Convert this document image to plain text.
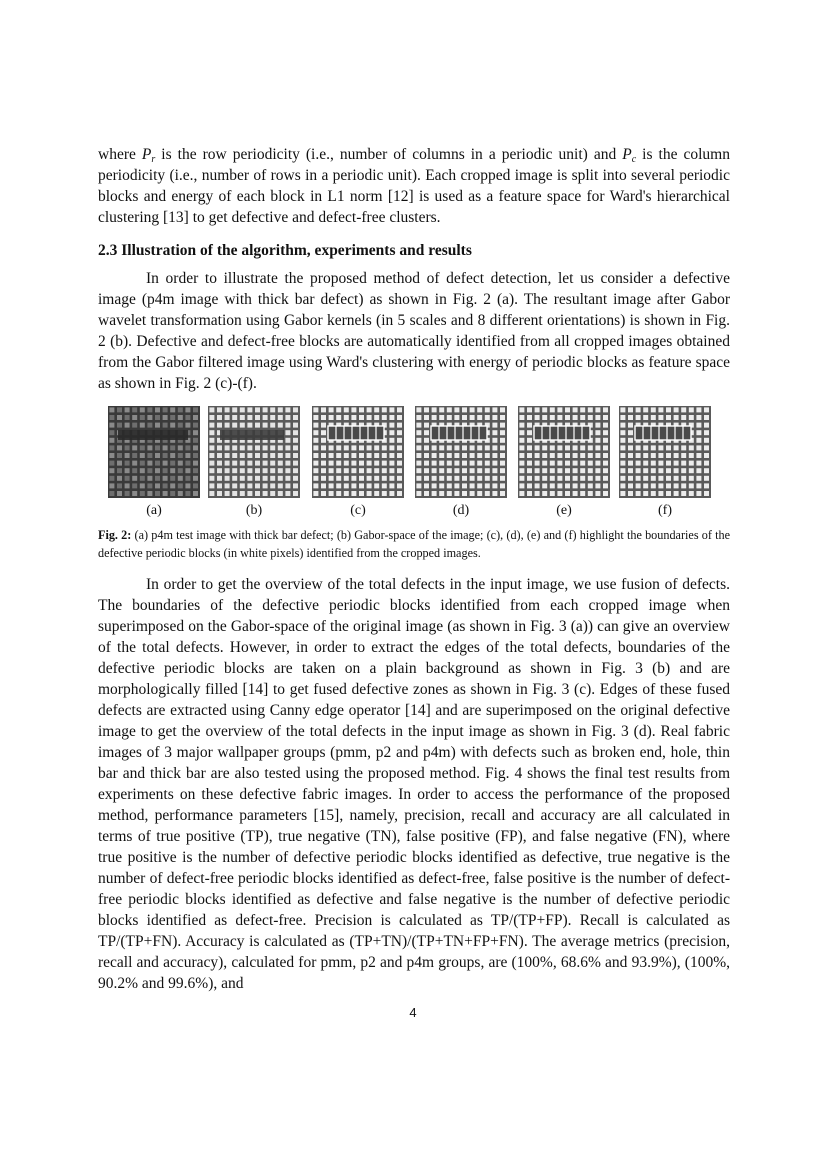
where $P_r$ is the row periodicity (i.e., number of columns in a periodic unit) and $P_c$ is the column periodicity (i.e., number of rows in a periodic unit). Each cropped image is split into several periodic blocks and energy of each block in L1 norm [12] is used as a feature space for Ward's hierarchical clustering [13] to get defective and defect-free clusters.

2.3 Illustration of the algorithm, experiments and results

In order to illustrate the proposed method of defect detection, let us consider a defective image (p4m image with thick bar defect) as shown in Fig. 2 (a). The resultant image after Gabor wavelet transformation using Gabor kernels (in 5 scales and 8 different orientations) is shown in Fig. 2 (b). Defective and defect-free blocks are automatically identified from all cropped images obtained from the Gabor filtered image using Ward's clustering with energy of periodic blocks as feature space as shown in Fig. 2 (c)-(f).

(a)	(b)	(c)	(d)	(e)	(f)

Fig. 2: (a) p4m test image with thick bar defect; (b) Gabor-space of the image; (c), (d), (e) and (f) highlight the boundaries of the defective periodic blocks (in white pixels) identified from the cropped images.

In order to get the overview of the total defects in the input image, we use fusion of defects. The boundaries of the defective periodic blocks identified from each cropped image when superimposed on the Gabor-space of the original image (as shown in Fig. 3 (a)) can give an overview of the total defects. However, in order to extract the edges of the total defects, boundaries of the defective periodic blocks are taken on a plain background as shown in Fig. 3 (b) and are morphologically filled [14] to get fused defective zones as shown in Fig. 3 (c). Edges of these fused defects are extracted using Canny edge operator [14] and are superimposed on the original defective image to get the overview of the total defects in the input image as shown in Fig. 3 (d). Real fabric images of 3 major wallpaper groups (pmm, p2 and p4m) with defects such as broken end, hole, thin bar and thick bar are also tested using the proposed method. Fig. 4 shows the final test results from experiments on these defective fabric images. In order to access the performance of the proposed method, performance parameters [15], namely, precision, recall and accuracy are all calculated in terms of true positive (TP), true negative (TN), false positive (FP), and false negative (FN), where true positive is the number of defective periodic blocks identified as defective, true negative is the number of defect-free periodic blocks identified as defect-free, false positive is the number of defect-free periodic blocks identified as defective and false negative is the number of defective periodic blocks identified as defect-free. Precision is calculated as TP/(TP+FP). Recall is calculated as TP/(TP+FN). Accuracy is calculated as (TP+TN)/(TP+TN+FP+FN). The average metrics (precision, recall and accuracy), calculated for pmm, p2 and p4m groups, are (100%, 68.6% and 93.9%), (100%, 90.2% and 99.6%), and

4
